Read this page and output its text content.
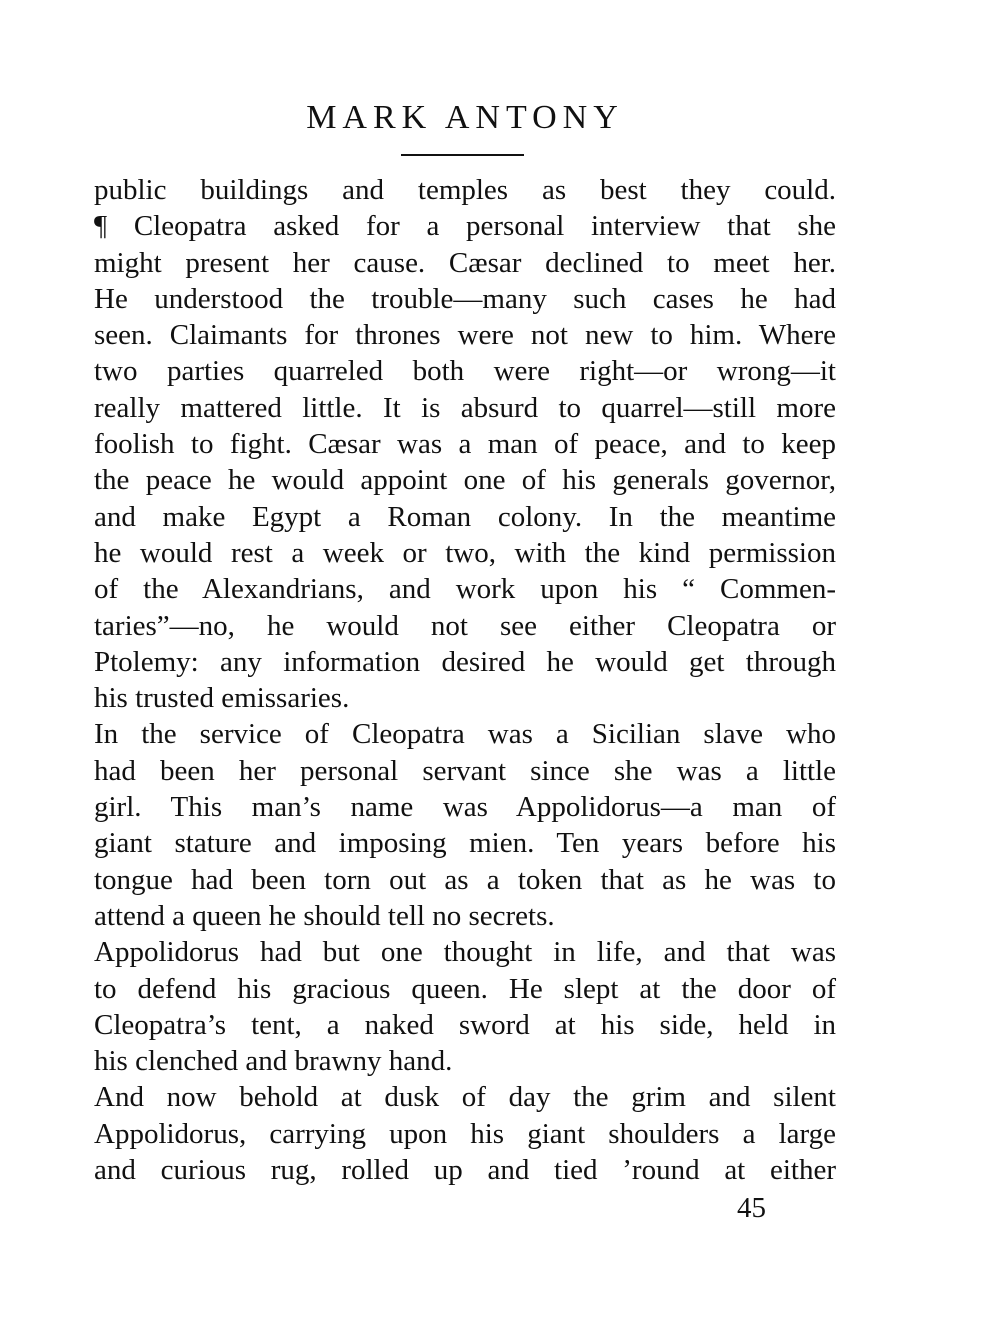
MARK ANTONY
public buildings and temples as best they could.
¶ Cleopatra asked for a personal interview that she
might present her cause. Cæsar declined to meet her.
He understood the trouble—many such cases he had
seen. Claimants for thrones were not new to him. Where
two parties quarreled both were right—or wrong—it
really mattered little. It is absurd to quarrel—still more
foolish to fight. Cæsar was a man of peace, and to keep
the peace he would appoint one of his generals governor,
and make Egypt a Roman colony. In the meantime
he would rest a week or two, with the kind permission
of the Alexandrians, and work upon his “ Commen-
taries”—no, he would not see either Cleopatra or
Ptolemy: any information desired he would get through
his trusted emissaries.
In the service of Cleopatra was a Sicilian slave who
had been her personal servant since she was a little
girl. This man’s name was Appolidorus—a man of
giant stature and imposing mien. Ten years before his
tongue had been torn out as a token that as he was to
attend a queen he should tell no secrets.
Appolidorus had but one thought in life, and that was
to defend his gracious queen. He slept at the door of
Cleopatra’s tent, a naked sword at his side, held in
his clenched and brawny hand.
And now behold at dusk of day the grim and silent
Appolidorus, carrying upon his giant shoulders a large
and curious rug, rolled up and tied ’round at either
45
